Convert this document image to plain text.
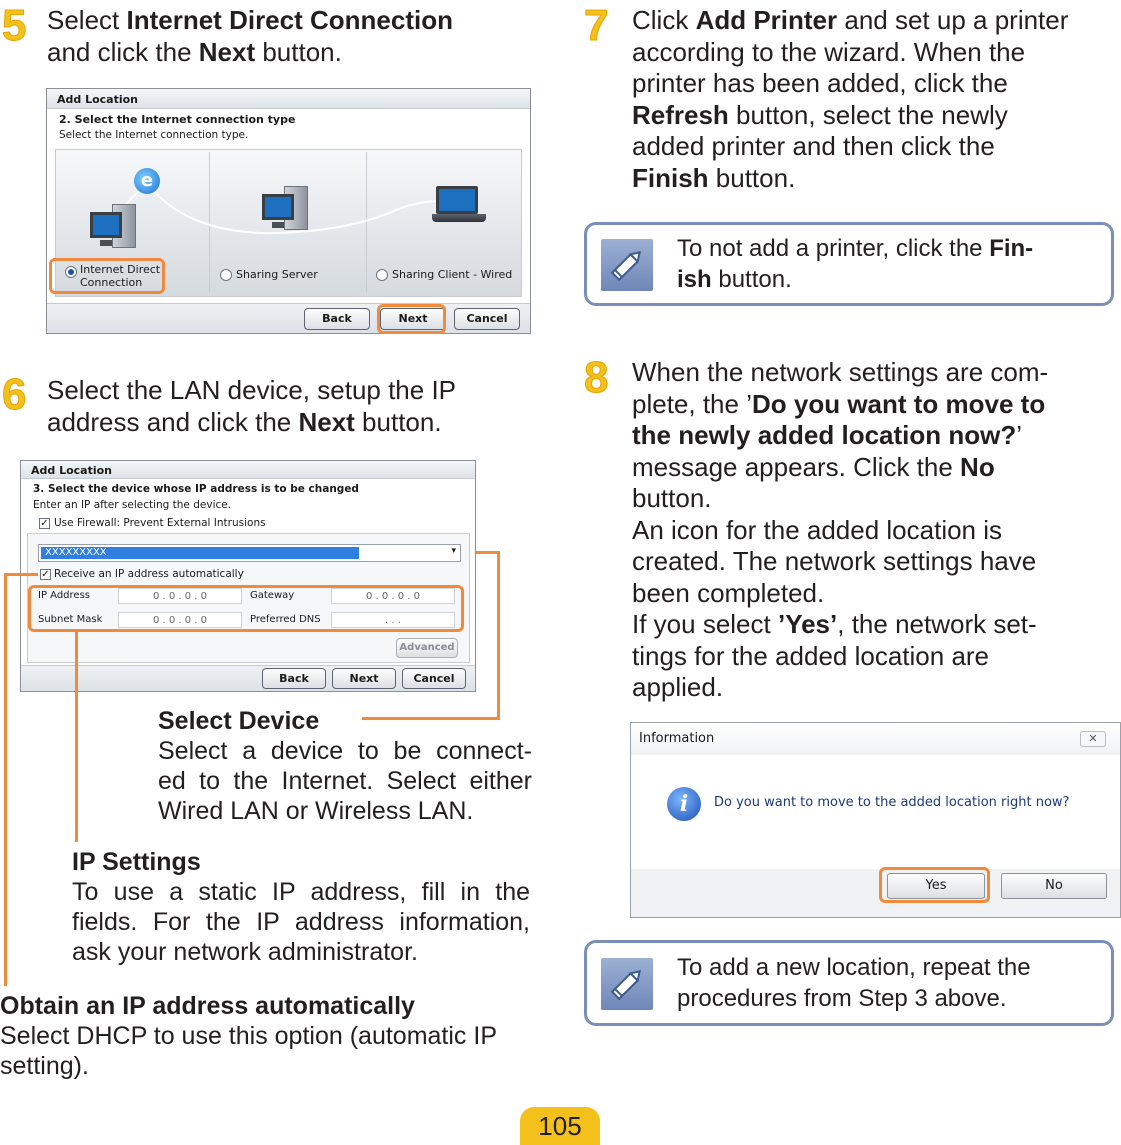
5 Select Internet Direct Connection
and click the Next button.
Add Location
2. Select the Internet connection type
Select the Internet connection type.
e
Internet Direct
Connection
Sharing Server	Sharing Client - Wired
Back	Next	Cancel
6 Select the LAN device, setup the IP
address and click the Next button.
Add Location
3. Select the device whose IP address is to be changed
Enter an IP after selecting the device.
✓ Use Firewall: Prevent External Intrusions
XXXXXXXXX	▾
✓ Receive an IP address automatically
IP Address	0 . 0 . 0 . 0	Gateway	0 . 0 . 0 . 0
Subnet Mask	0 . 0 . 0 . 0	Preferred DNS	. . .
Advanced
Back	Next	Cancel
Select Device
Select a device to be connect-
ed to the Internet. Select either
Wired LAN or Wireless LAN.
IP Settings
To use a static IP address, fill in the
fields. For the IP address information,
ask your network administrator.
Obtain an IP address automatically
Select DHCP to use this option (automatic IP
setting).
7 Click Add Printer and set up a printer
according to the wizard. When the
printer has been added, click the
Refresh button, select the newly
added printer and then click the
Finish button.
To not add a printer, click the Fin-
ish button.
8 When the network settings are com-
plete, the ’Do you want to move to
the newly added location now?’
message appears. Click the No
button.
An icon for the added location is
created. The network settings have
been completed.
If you select ’Yes’, the network set-
tings for the added location are
applied.
Information	✕
i	Do you want to move to the added location right now?
Yes	No
To add a new location, repeat the
procedures from Step 3 above.
105
